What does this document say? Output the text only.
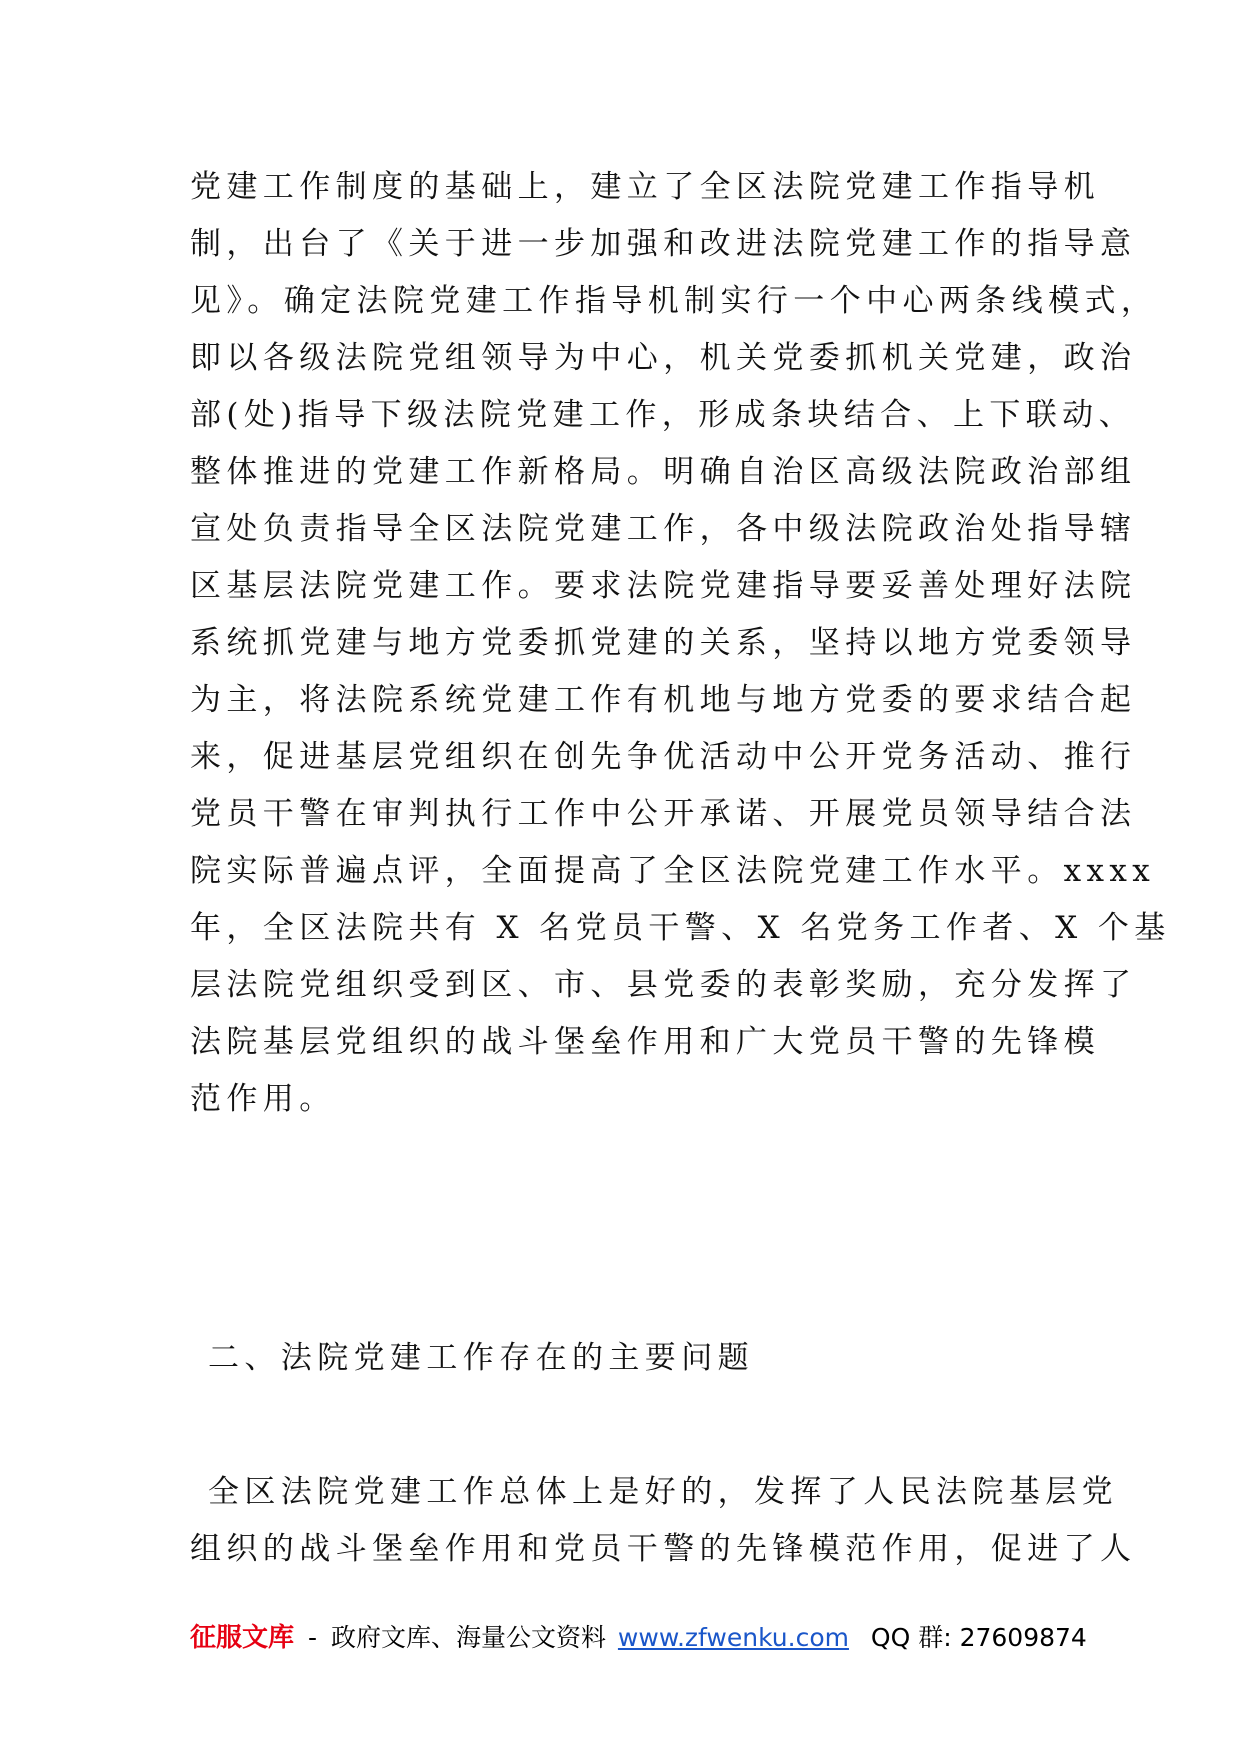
党建工作制度的基础上，建立了全区法院党建工作指导机
制，出台了《关于进一步加强和改进法院党建工作的指导意
见》。确定法院党建工作指导机制实行一个中心两条线模式，
即以各级法院党组领导为中心，机关党委抓机关党建，政治
部(处)指导下级法院党建工作，形成条块结合、上下联动、
整体推进的党建工作新格局。明确自治区高级法院政治部组
宣处负责指导全区法院党建工作，各中级法院政治处指导辖
区基层法院党建工作。要求法院党建指导要妥善处理好法院
系统抓党建与地方党委抓党建的关系，坚持以地方党委领导
为主，将法院系统党建工作有机地与地方党委的要求结合起
来，促进基层党组织在创先争优活动中公开党务活动、推行
党员干警在审判执行工作中公开承诺、开展党员领导结合法
院实际普遍点评，全面提高了全区法院党建工作水平。xxxx
年，全区法院共有 X 名党员干警、X 名党务工作者、X 个基
层法院党组织受到区、市、县党委的表彰奖励，充分发挥了
法院基层党组织的战斗堡垒作用和广大党员干警的先锋模
范作用。
二、法院党建工作存在的主要问题
全区法院党建工作总体上是好的，发挥了人民法院基层党
组织的战斗堡垒作用和党员干警的先锋模范作用，促进了人
征服文库 - 政府文库、海量公文资料 www.zfwenku.com QQ 群: 27609874
